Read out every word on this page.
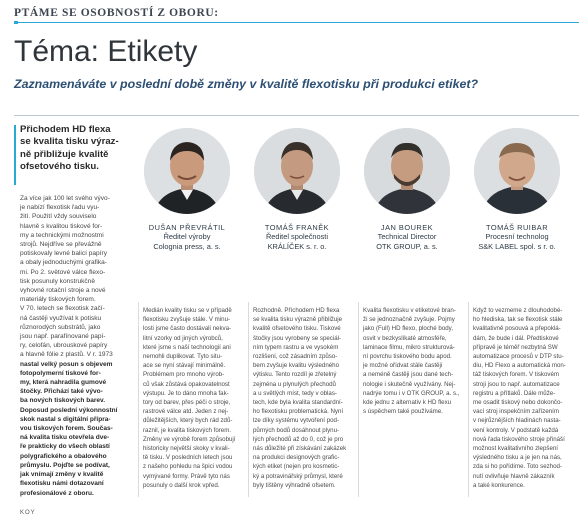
PTÁME SE OSOBNOSTÍ Z OBORU:
Téma: Etikety
Zaznamenáváte v poslední době změny v kvalitě flexotisku při produkci etiket?
Přichodem HD flexa
se kvalita tisku výraz-
ně přibližuje kvalitě
ofsetového tisku.
Za více jak 100 let svého vývo-
je nabízí flexotisk řadu vyu-
žití. Použití vždy souviselo
hlavně s kvalitou tiskové for-
my a technickými možnostmi
strojů. Nejdříve se převážně
potiskovaly levné balicí papíry
a obaly jednoduchými grafika-
mi. Po 2. světové válce flexo-
tisk posunuly konstrukčně
vyhovné rotační stroje a nové
materiály tiskových forem.
V 70. letech se flexotisk začí-
ná častěji využívat k potisku
různorodých substrátů, jako
jsou např. parafínované papí-
ry, celofán, ubrouskové papíry
a hlavně fólie z plastů. V r. 1973
nastal velký posun s objevem
fotopolymerní tiskové for-
my, která nahradila gumové
štočky. Přichází také vývo-
ba nových tiskových barev.
Doposud poslední výkonnostní
skok nastal s digitální přípra-
vou tiskových forem. Součas-
ná kvalita tisku otevřela dve-
ře prakticky do všech oblastí
polygrafického a obalového
průmyslu. Pojďte se podívat,
jak vnímají změny v kvalitě
flexotisku námi dotazovaní
profesionálové z oboru.
DUŠAN PŘEVRÁTIL
Ředitel výroby
Colognia press, a. s.
TOMÁŠ FRANĚK
Ředitel společnosti
KRÁLÍČEK s. r. o.
JAN BOUREK
Technical Director
OTK GROUP, a. s.
TOMÁŠ RUIBAR
Procesní technolog
S&K LABEL spol. s r. o.
Medián kvality tisku se v případě
flexotisku zvyšuje stále. V minu-
losti jsme často dostávali nekva-
litní vzorky od jiných výrobců,
které jsme s naší technologií ani
nemohli duplikovat. Tyto situ-
ace se nyní stávají minimálně.
Problémem pro mnoho výrob-
ců však zůstává opakovatelnost
výstupu. Je to dáno mnoha fak-
tory od barev, přes péči o stroje,
rastrové válce atd. Jeden z nej-
důležitějších, který bych rád zdů-
raznil, je kvalita tiskových forem.
Změny ve výrobě forem způsobují
historicky největší skoky v kvali-
tě tisku. V posledních letech jsou
z našeho pohledu na špici vodou
vymývané formy. Právě tyto nás
posunuly o další krok vpřed.
Rozhodně. Příchodem HD flexa
se kvalita tisku výrazně přibližuje
kvalitě ofsetového tisku. Tiskové
štočky jsou vyrobeny se speciál-
ním typem rastru a ve vysokém
rozlišení, což zásadním způso-
bem zvyšuje kvalitu výsledného
výtisku. Tento rozdíl je zřetelný
zejména u plynulých přechodů
a u světlých míst, tedy v oblas-
tech, kde byla kvalita standardní-
ho flexotisku problematická. Nyní
lze díky systému vytvoření pod-
půrných bodů dosáhnout plynu-
lých přechodů až do 0, což je pro
nás důležité při získávání zakázek
na produkci designových grafic-
kých etiket (nejen pro kosmetic-
ký a potravinářský průmysl, které
byly tištěny výhradně ofsetem.
Kvalita flexotisku v etiketové bran-
ži se jednoznačně zvyšuje. Pojmy
jako (Full) HD flexo, ploché body,
osvit v bezkyslíkaté atmosféře,
laminace filmu, mikro strukturová-
ní povrchu tiskového bodu apod.
je možné ořídvat stále častěji
a neméně častěji jsou dané tech-
nologie i skutečně využívány. Nej-
nadrýe tomu i v OTK GROUP, a. s.,
kde jednu z alternativ k HD flexu
s úspěchem také používáme.
Když to vezmeme z dlouhodobé-
ho hlediska, tak se flexotisk stále
kvalitativně posouvá a přepoklá-
dám, že bude i dál. Předtiskové
přípravě je téměř nezbytná SW
automatizace procesů v DTP stu-
diu, HD Flexo a automatická mon-
táž tiskových forem. V tiskovém
stroji jsou to např. automatizace
registru a přítlaků. Dále může-
me osadit tiskový nebo dokončo-
vací stroj inspekčním zařízením
v nejrůznějších hladinách nasta-
vení kontroly. V podstatě každá
nová řada tiskového stroje přináší
možnost kvalitativního zlepšení
výsledného tisku a je jen na nás,
zda si ho pořídíme. Toto sezhod-
nutí ovlivňuje hlavně zákazník
a také konkurence.
KOY
